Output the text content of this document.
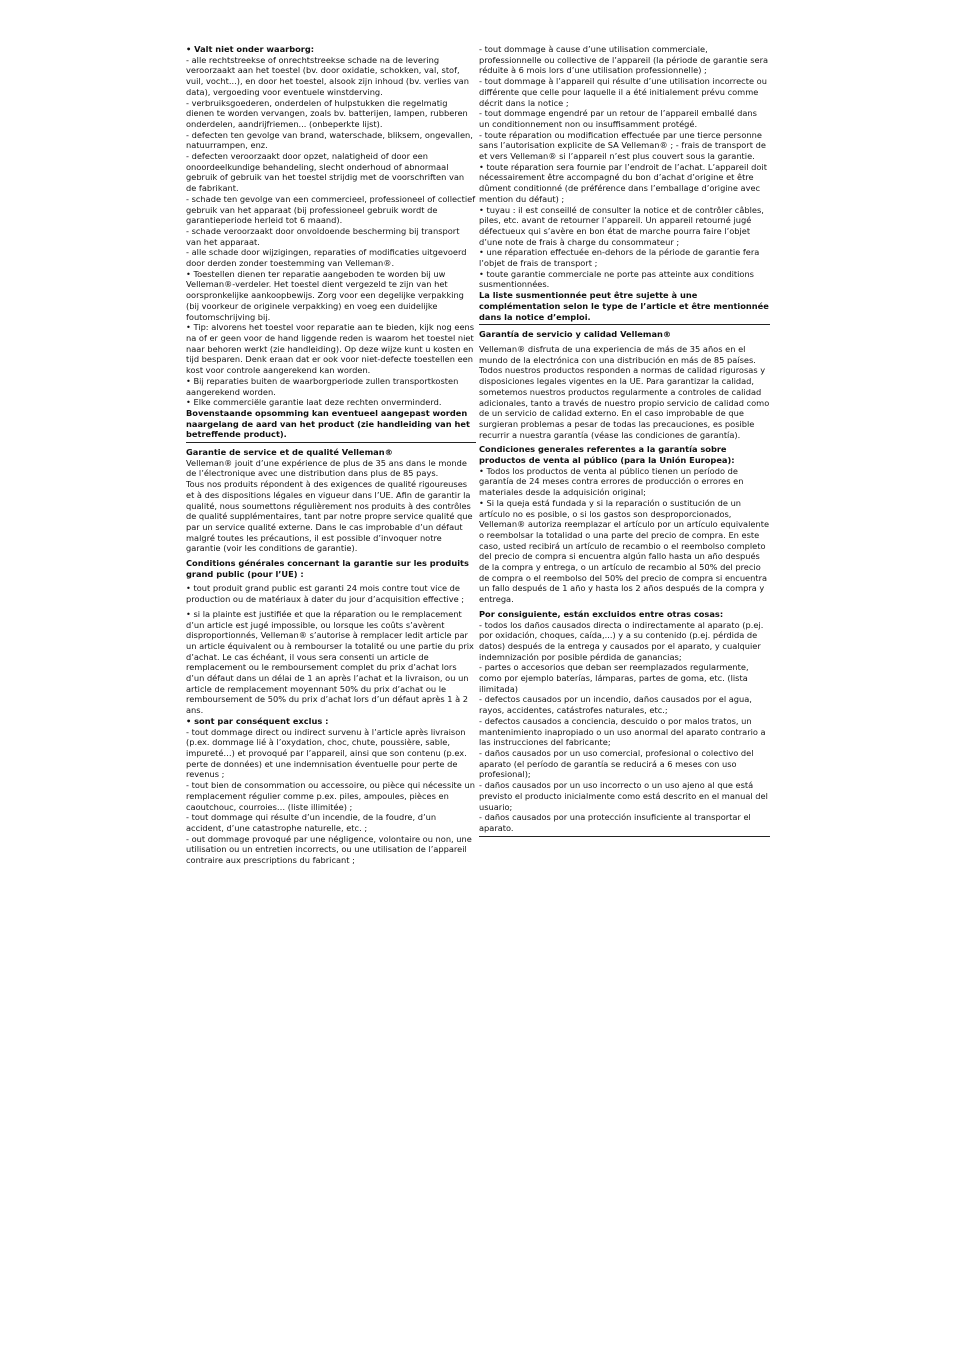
• Valt niet onder waarborg:

- alle rechtstreekse of onrechtstreekse schade na de levering veroorzaakt aan het toestel (bv. door oxidatie, schokken, val, stof, vuil, vocht...), en door het toestel, alsook zijn inhoud (bv. verlies van data), vergoeding voor eventuele winstderving.

- verbruiksgoederen, onderdelen of hulpstukken die regelmatig dienen te worden vervangen, zoals bv. batterijen, lampen, rubberen onderdelen, aandrijfriemen... (onbeperkte lijst).

- defecten ten gevolge van brand, waterschade, bliksem, ongevallen, natuurrampen, enz.

- defecten veroorzaakt door opzet, nalatigheid of door een onoordeelkundige behandeling, slecht onderhoud of abnormaal gebruik of gebruik van het toestel strijdig met de voorschriften van de fabrikant.

- schade ten gevolge van een commercieel, professioneel of collectief gebruik van het apparaat (bij professioneel gebruik wordt de garantieperiode herleid tot 6 maand).

- schade veroorzaakt door onvoldoende bescherming bij transport van het apparaat.

- alle schade door wijzigingen, reparaties of modificaties uitgevoerd door derden zonder toestemming van Velleman®.

• Toestellen dienen ter reparatie aangeboden te worden bij uw Velleman®-verdeler. Het toestel dient vergezeld te zijn van het oorspronkelijke aankoopbewijs. Zorg voor een degelijke verpakking (bij voorkeur de originele verpakking) en voeg een duidelijke foutomschrijving bij.

• Tip: alvorens het toestel voor reparatie aan te bieden, kijk nog eens na of er geen voor de hand liggende reden is waarom het toestel niet naar behoren werkt (zie handleiding). Op deze wijze kunt u kosten en tijd besparen. Denk eraan dat er ook voor niet-defecte toestellen een kost voor controle aangerekend kan worden.

• Bij reparaties buiten de waarborgperiode zullen transportkosten aangerekend worden.

• Elke commerciële garantie laat deze rechten onverminderd.

Bovenstaande opsomming kan eventueel aangepast worden naargelang de aard van het product (zie handleiding van het betreffende product).

Garantie de service et de qualité Velleman®

Velleman® jouit d’une expérience de plus de 35 ans dans le monde de l’électronique avec une distribution dans plus de 85 pays.

Tous nos produits répondent à des exigences de qualité rigoureuses et à des dispositions légales en vigueur dans l’UE. Afin de garantir la qualité, nous soumettons régulièrement nos produits à des contrôles de qualité supplémentaires, tant par notre propre service qualité que par un service qualité externe. Dans le cas improbable d’un défaut malgré toutes les précautions, il est possible d’invoquer notre garantie (voir les conditions de garantie).

Conditions générales concernant la garantie sur les produits grand public (pour l’UE) :

• tout produit grand public est garanti 24 mois contre tout vice de production ou de matériaux à dater du jour d’acquisition effective ;

• si la plainte est justifiée et que la réparation ou le remplacement d’un article est jugé impossible, ou lorsque les coûts s’avèrent disproportionnés, Velleman® s’autorise à remplacer ledit article par un article équivalent ou à rembourser la totalité ou une partie du prix d’achat. Le cas échéant, il vous sera consenti un article de remplacement ou le remboursement complet du prix d’achat lors d’un défaut dans un délai de 1 an après l’achat et la livraison, ou un article de remplacement moyennant 50% du prix d’achat ou le remboursement de 50% du prix d’achat lors d’un défaut après 1 à 2 ans.

• sont par conséquent exclus :

- tout dommage direct ou indirect survenu à l’article après livraison (p.ex. dommage lié à l’oxydation, choc, chute, poussière, sable, impureté…) et provoqué par l’appareil, ainsi que son contenu (p.ex. perte de données) et une indemnisation éventuelle pour perte de revenus ;

- tout bien de consommation ou accessoire, ou pièce qui nécessite un remplacement régulier comme p.ex. piles, ampoules, pièces en caoutchouc, courroies… (liste illimitée) ;

- tout dommage qui résulte d’un incendie, de la foudre, d’un accident, d’une catastrophe naturelle, etc. ;

- out dommage provoqué par une négligence, volontaire ou non, une utilisation ou un entretien incorrects, ou une utilisation de l’appareil contraire aux prescriptions du fabricant ;

- tout dommage à cause d’une utilisation commerciale, professionnelle ou collective de l’appareil (la période de garantie sera réduite à 6 mois lors d’une utilisation professionnelle) ;

- tout dommage à l’appareil qui résulte d’une utilisation incorrecte ou différente que celle pour laquelle il a été initialement prévu comme décrit dans la notice ;

- tout dommage engendré par un retour de l’appareil emballé dans un conditionnement non ou insuffisamment protégé.

- toute réparation ou modification effectuée par une tierce personne sans l’autorisation explicite de SA Velleman® ; - frais de transport de et vers Velleman® si l’appareil n’est plus couvert sous la garantie.

• toute réparation sera fournie par l’endroit de l’achat. L’appareil doit nécessairement être accompagné du bon d’achat d’origine et être dûment conditionné (de préférence dans l’emballage d’origine avec mention du défaut) ;

• tuyau : il est conseillé de consulter la notice et de contrôler câbles, piles, etc. avant de retourner l’appareil. Un appareil retourné jugé défectueux qui s’avère en bon état de marche pourra faire l’objet d’une note de frais à charge du consommateur ;

• une réparation effectuée en-dehors de la période de garantie fera l’objet de frais de transport ;

• toute garantie commerciale ne porte pas atteinte aux conditions susmentionnées.

La liste susmentionnée peut être sujette à une complémentation selon le type de l’article et être mentionnée dans la notice d’emploi.

Garantía de servicio y calidad Velleman®

Velleman® disfruta de una experiencia de más de 35 años en el mundo de la electrónica con una distribución en más de 85 países. Todos nuestros productos responden a normas de calidad rigurosas y disposiciones legales vigentes en la UE. Para garantizar la calidad, sometemos nuestros productos regularmente a controles de calidad adicionales, tanto a través de nuestro propio servicio de calidad como de un servicio de calidad externo. En el caso improbable de que surgieran problemas a pesar de todas las precauciones, es posible recurrir a nuestra garantía (véase las condiciones de garantía).

Condiciones generales referentes a la garantía sobre productos de venta al público (para la Unión Europea):

• Todos los productos de venta al público tienen un período de garantía de 24 meses contra errores de producción o errores en materiales desde la adquisición original;

• Si la queja está fundada y si la reparación o sustitución de un artículo no es posible, o si los gastos son desproporcionados, Velleman® autoriza reemplazar el artículo por un artículo equivalente o reembolsar la totalidad o una parte del precio de compra. En este caso, usted recibirá un artículo de recambio o el reembolso completo del precio de compra si encuentra algún fallo hasta un año después de la compra y entrega, o un artículo de recambio al 50% del precio de compra o el reembolso del 50% del precio de compra si encuentra un fallo después de 1 año y hasta los 2 años después de la compra y entrega.

Por consiguiente, están excluidos entre otras cosas:

- todos los daños causados directa o indirectamente al aparato (p.ej. por oxidación, choques, caída,...) y a su contenido (p.ej. pérdida de datos) después de la entrega y causados por el aparato, y cualquier indemnización por posible pérdida de ganancias;

- partes o accesorios que deban ser reemplazados regularmente, como por ejemplo baterías, lámparas, partes de goma, etc. (lista ilimitada)

- defectos causados por un incendio, daños causados por el agua, rayos, accidentes, catástrofes naturales, etc.;

- defectos causados a conciencia, descuido o por malos tratos, un mantenimiento inapropiado o un uso anormal del aparato contrario a las instrucciones del fabricante;

- daños causados por un uso comercial, profesional o colectivo del aparato (el período de garantía se reducirá a 6 meses con uso profesional);

- daños causados por un uso incorrecto o un uso ajeno al que está previsto el producto inicialmente como está descrito en el manual del usuario;

- daños causados por una protección insuficiente al transportar el aparato.
